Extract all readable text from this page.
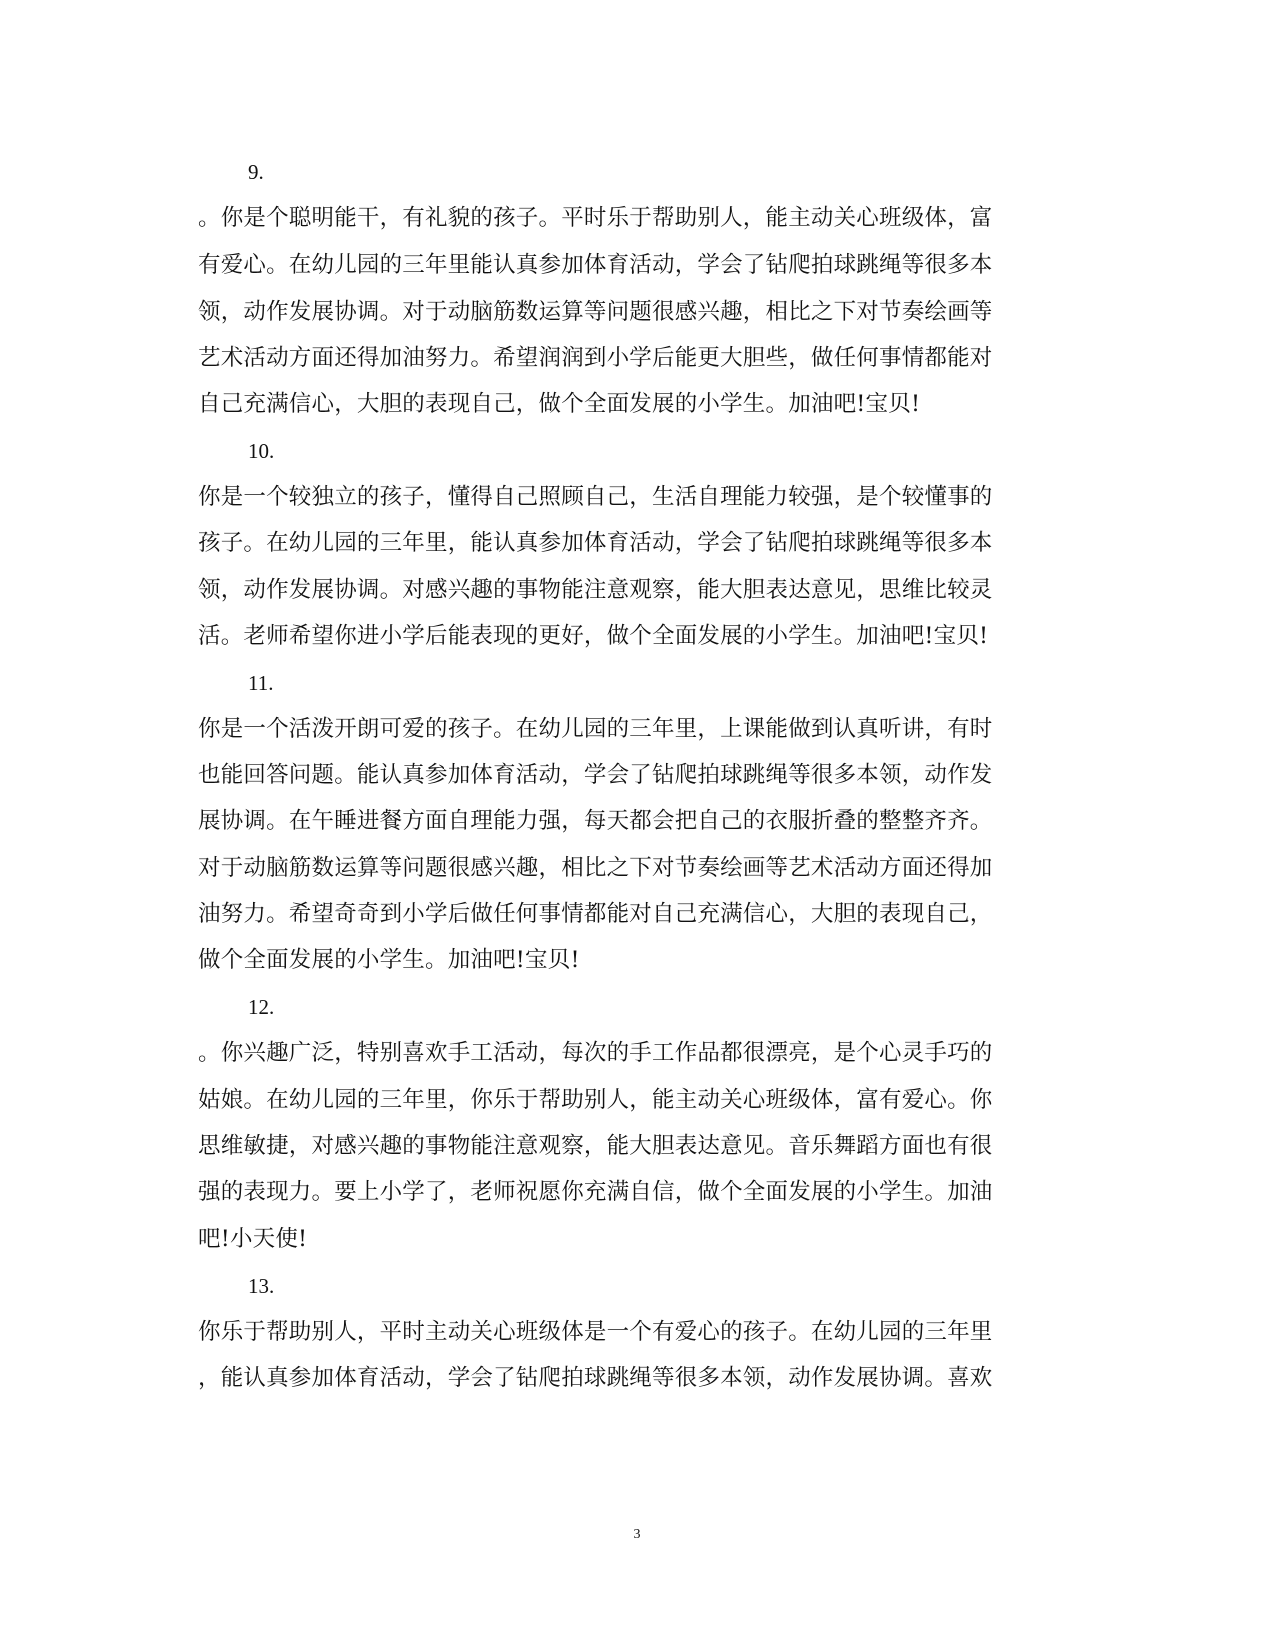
9.
。你是个聪明能干，有礼貌的孩子。平时乐于帮助别人，能主动关心班级体，富
有爱心。在幼儿园的三年里能认真参加体育活动，学会了钻爬拍球跳绳等很多本
领，动作发展协调。对于动脑筋数运算等问题很感兴趣，相比之下对节奏绘画等
艺术活动方面还得加油努力。希望润润到小学后能更大胆些，做任何事情都能对
自己充满信心，大胆的表现自己，做个全面发展的小学生。加油吧!宝贝!
10.
你是一个较独立的孩子，懂得自己照顾自己，生活自理能力较强，是个较懂事的
孩子。在幼儿园的三年里，能认真参加体育活动，学会了钻爬拍球跳绳等很多本
领，动作发展协调。对感兴趣的事物能注意观察，能大胆表达意见，思维比较灵
活。老师希望你进小学后能表现的更好，做个全面发展的小学生。加油吧!宝贝!
11.
你是一个活泼开朗可爱的孩子。在幼儿园的三年里，上课能做到认真听讲，有时
也能回答问题。能认真参加体育活动，学会了钻爬拍球跳绳等很多本领，动作发
展协调。在午睡进餐方面自理能力强，每天都会把自己的衣服折叠的整整齐齐。
对于动脑筋数运算等问题很感兴趣，相比之下对节奏绘画等艺术活动方面还得加
油努力。希望奇奇到小学后做任何事情都能对自己充满信心，大胆的表现自己，
做个全面发展的小学生。加油吧!宝贝!
12.
。你兴趣广泛，特别喜欢手工活动，每次的手工作品都很漂亮，是个心灵手巧的
姑娘。在幼儿园的三年里，你乐于帮助别人，能主动关心班级体，富有爱心。你
思维敏捷，对感兴趣的事物能注意观察，能大胆表达意见。音乐舞蹈方面也有很
强的表现力。要上小学了，老师祝愿你充满自信，做个全面发展的小学生。加油
吧!小天使!
13.
你乐于帮助别人，平时主动关心班级体是一个有爱心的孩子。在幼儿园的三年里
，能认真参加体育活动，学会了钻爬拍球跳绳等很多本领，动作发展协调。喜欢
3
